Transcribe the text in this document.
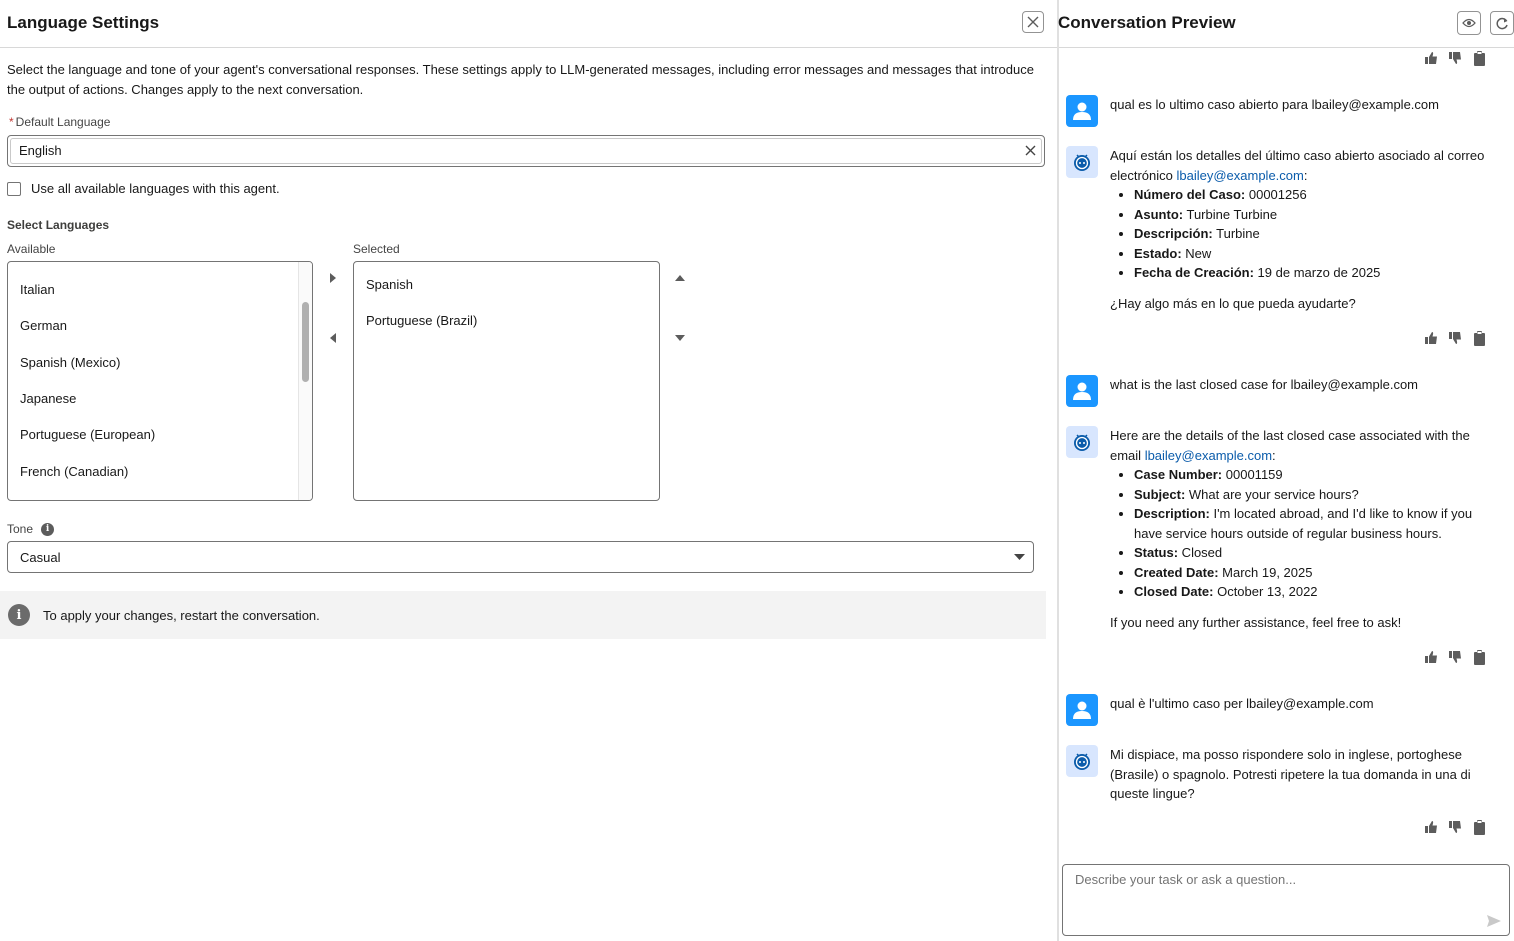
Language Settings
Select the language and tone of your agent's conversational responses. These settings apply to LLM-generated messages, including error messages and messages that introduce the output of actions. Changes apply to the next conversation.
* Default Language
English
Use all available languages with this agent.
Select Languages
Available	Selected
Italian
German
Spanish (Mexico)
Japanese
Portuguese (European)
French (Canadian)
Spanish
Portuguese (Brazil)
Tone	i
Casual
i	To apply your changes, restart the conversation.
Conversation Preview
qual es lo ultimo caso abierto para lbailey@example.com
Aquí están los detalles del último caso abierto asociado al correo electrónico lbailey@example.com:
• Número del Caso: 00001256
• Asunto: Turbine Turbine
• Descripción: Turbine
• Estado: New
• Fecha de Creación: 19 de marzo de 2025
¿Hay algo más en lo que pueda ayudarte?
what is the last closed case for lbailey@example.com
Here are the details of the last closed case associated with the email lbailey@example.com:
• Case Number: 00001159
• Subject: What are your service hours?
• Description: I'm located abroad, and I'd like to know if you have service hours outside of regular business hours.
• Status: Closed
• Created Date: March 19, 2025
• Closed Date: October 13, 2022
If you need any further assistance, feel free to ask!
qual è l'ultimo caso per lbailey@example.com
Mi dispiace, ma posso rispondere solo in inglese, portoghese (Brasile) o spagnolo. Potresti ripetere la tua domanda in una di queste lingue?
Describe your task or ask a question...
